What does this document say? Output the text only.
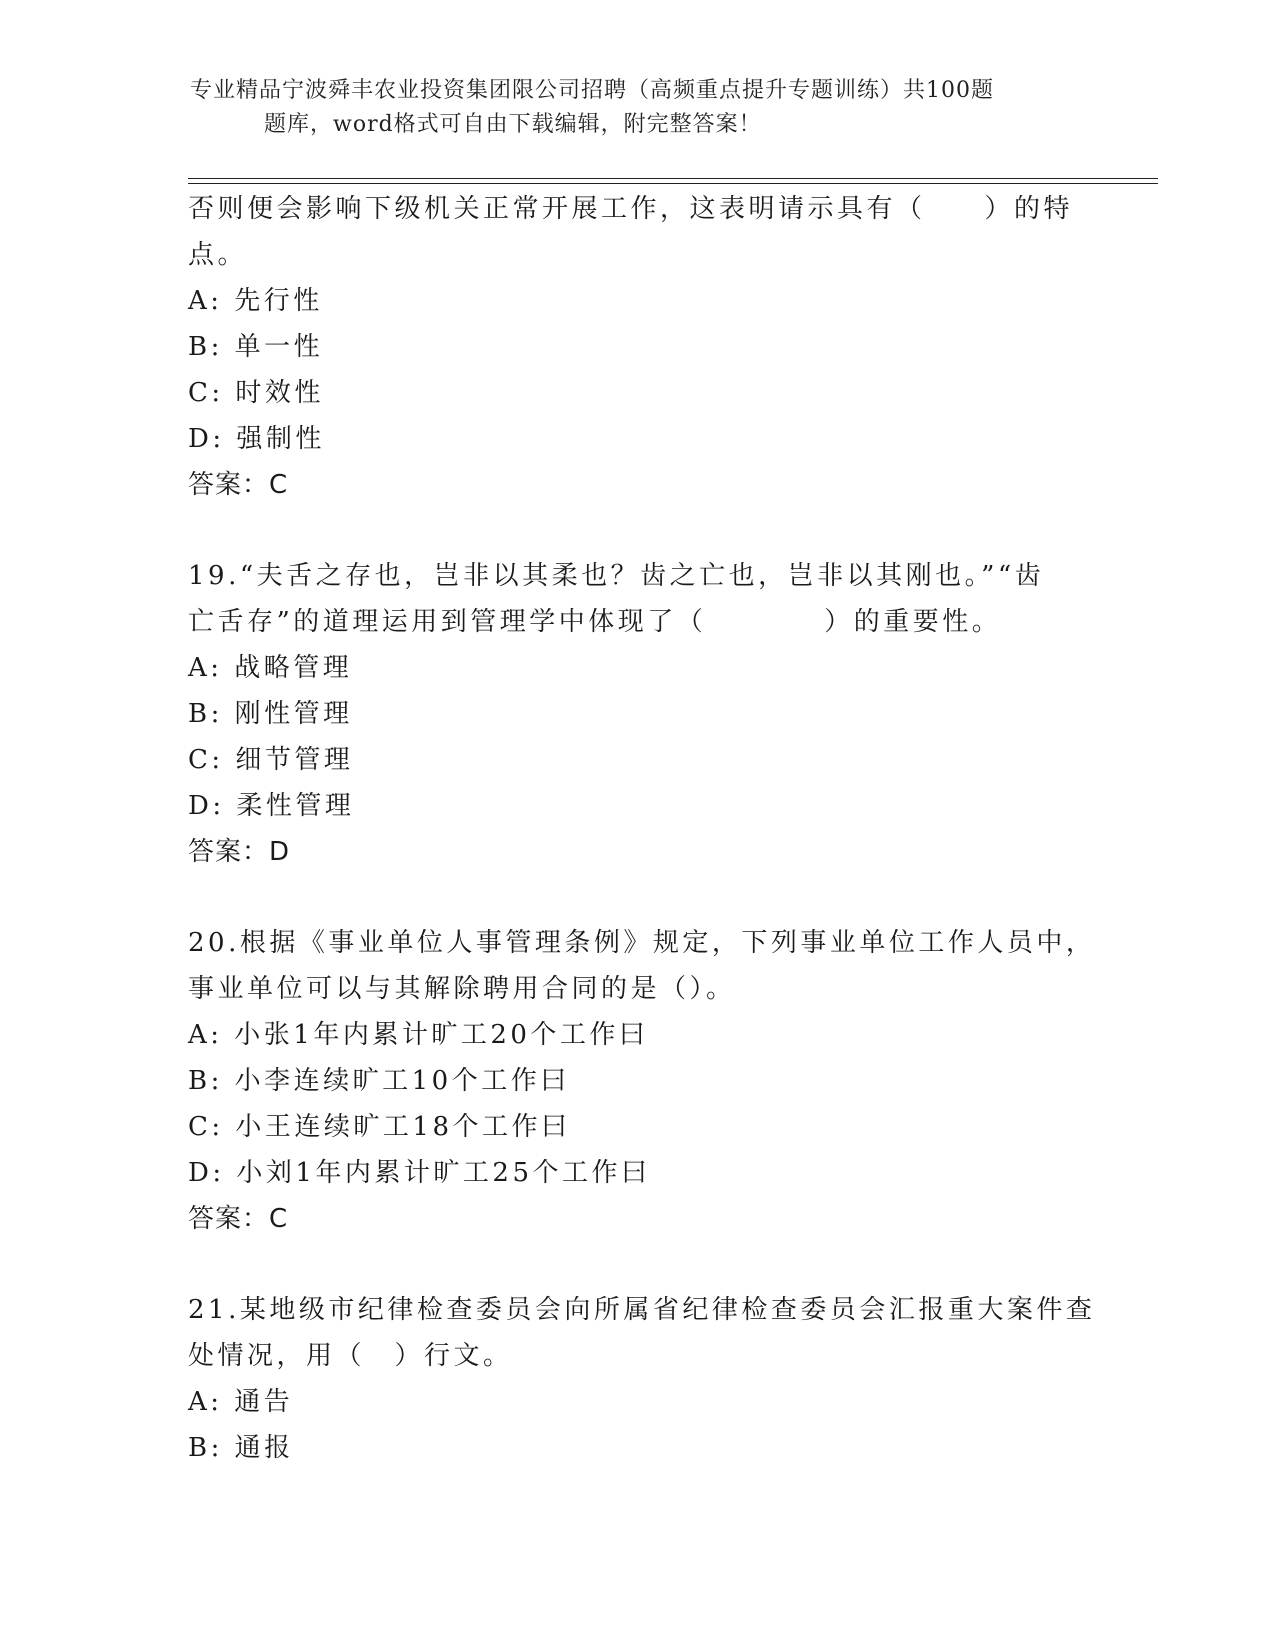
专业精品宁波舜丰农业投资集团限公司招聘（高频重点提升专题训练）共100题
题库，word格式可自由下载编辑，附完整答案！
否则便会影响下级机关正常开展工作，这表明请示具有（　　）的特
点。
A: 先行性
B: 单一性
C: 时效性
D: 强制性
答案：C
19.“夫舌之存也，岂非以其柔也？齿之亡也，岂非以其刚也。”“齿
亡舌存”的道理运用到管理学中体现了（　　　　）的重要性。
A: 战略管理
B: 刚性管理
C: 细节管理
D: 柔性管理
答案：D
20.根据《事业单位人事管理条例》规定，下列事业单位工作人员中，
事业单位可以与其解除聘用合同的是（）。
A: 小张1年内累计旷工20个工作曰
B: 小李连续旷工10个工作曰
C: 小王连续旷工18个工作曰
D: 小刘1年内累计旷工25个工作曰
答案：C
21.某地级市纪律检查委员会向所属省纪律检查委员会汇报重大案件查
处情况，用（　）行文。
A: 通告
B: 通报
